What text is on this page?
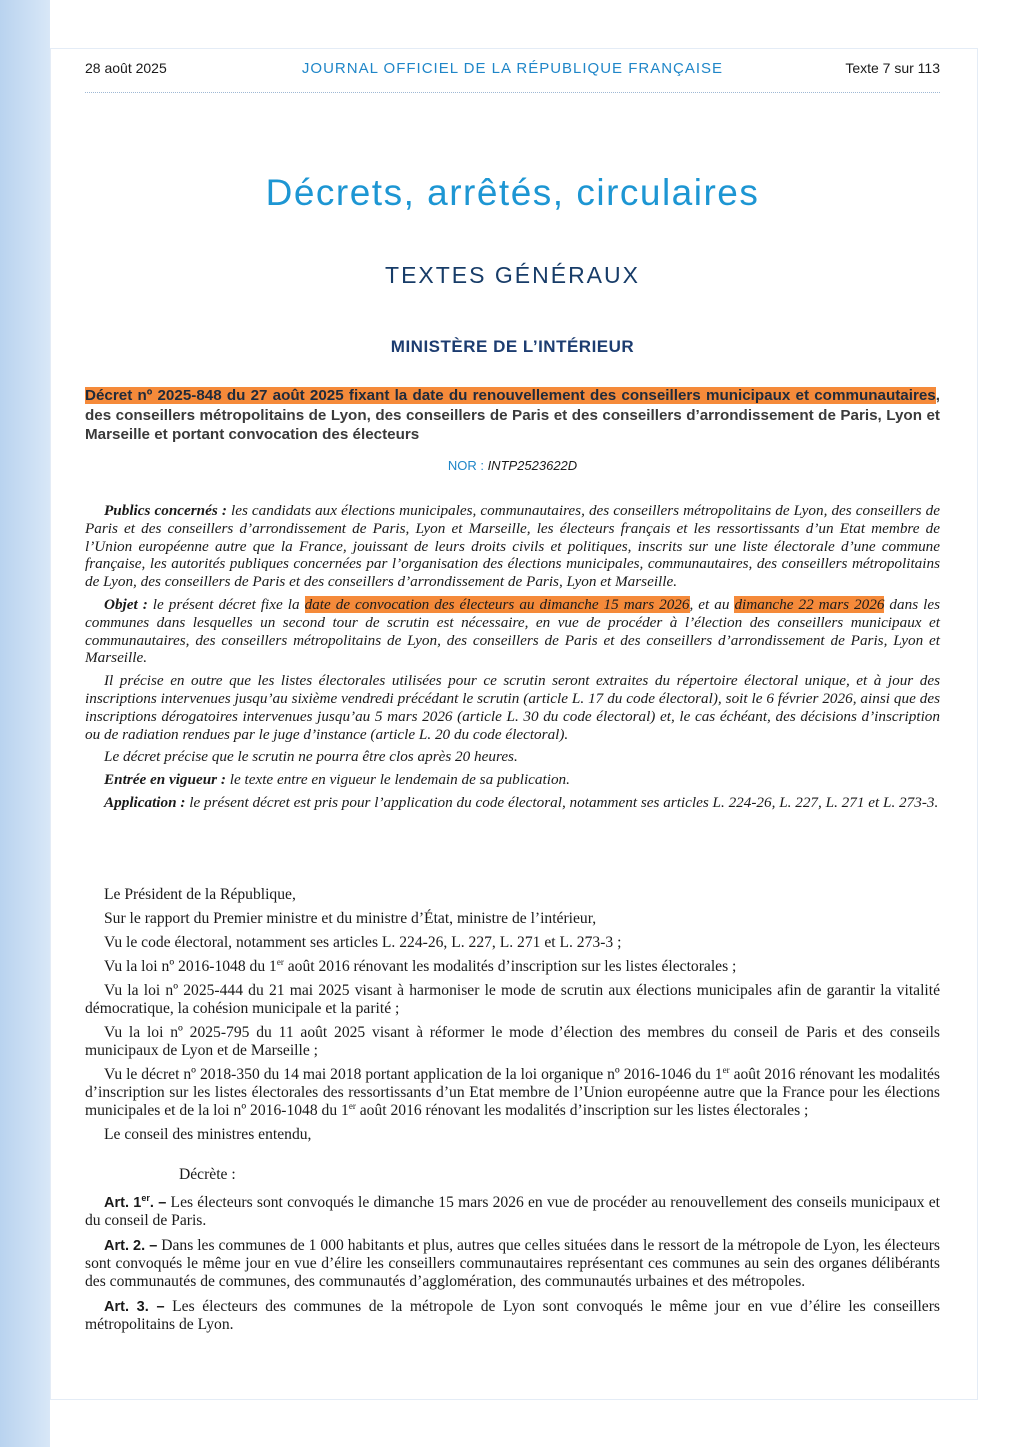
28 août 2025	JOURNAL OFFICIEL DE LA RÉPUBLIQUE FRANÇAISE	Texte 7 sur 113
Décrets, arrêtés, circulaires
TEXTES GÉNÉRAUX
MINISTÈRE DE L’INTÉRIEUR
Décret nº 2025-848 du 27 août 2025 fixant la date du renouvellement des conseillers municipaux et communautaires, des conseillers métropolitains de Lyon, des conseillers de Paris et des conseillers d’arrondissement de Paris, Lyon et Marseille et portant convocation des électeurs
NOR : INTP2523622D

Publics concernés : les candidats aux élections municipales, communautaires, des conseillers métropolitains de Lyon, des conseillers de Paris et des conseillers d’arrondissement de Paris, Lyon et Marseille, les électeurs français et les ressortissants d’un Etat membre de l’Union européenne autre que la France, jouissant de leurs droits civils et politiques, inscrits sur une liste électorale d’une commune française, les autorités publiques concernées par l’organisation des élections municipales, communautaires, des conseillers métropolitains de Lyon, des conseillers de Paris et des conseillers d’arrondissement de Paris, Lyon et Marseille.

Objet : le présent décret fixe la date de convocation des électeurs au dimanche 15 mars 2026, et au dimanche 22 mars 2026 dans les communes dans lesquelles un second tour de scrutin est nécessaire, en vue de procéder à l’élection des conseillers municipaux et communautaires, des conseillers métropolitains de Lyon, des conseillers de Paris et des conseillers d’arrondissement de Paris, Lyon et Marseille.

Il précise en outre que les listes électorales utilisées pour ce scrutin seront extraites du répertoire électoral unique, et à jour des inscriptions intervenues jusqu’au sixième vendredi précédant le scrutin (article L. 17 du code électoral), soit le 6 février 2026, ainsi que des inscriptions dérogatoires intervenues jusqu’au 5 mars 2026 (article L. 30 du code électoral) et, le cas échéant, des décisions d’inscription ou de radiation rendues par le juge d’instance (article L. 20 du code électoral).

Le décret précise que le scrutin ne pourra être clos après 20 heures.

Entrée en vigueur : le texte entre en vigueur le lendemain de sa publication.

Application : le présent décret est pris pour l’application du code électoral, notamment ses articles L. 224-26, L. 227, L. 271 et L. 273-3.

Le Président de la République,

Sur le rapport du Premier ministre et du ministre d’État, ministre de l’intérieur,

Vu le code électoral, notamment ses articles L. 224-26, L. 227, L. 271 et L. 273-3 ;

Vu la loi nº 2016-1048 du 1er août 2016 rénovant les modalités d’inscription sur les listes électorales ;

Vu la loi nº 2025-444 du 21 mai 2025 visant à harmoniser le mode de scrutin aux élections municipales afin de garantir la vitalité démocratique, la cohésion municipale et la parité ;

Vu la loi nº 2025-795 du 11 août 2025 visant à réformer le mode d’élection des membres du conseil de Paris et des conseils municipaux de Lyon et de Marseille ;

Vu le décret nº 2018-350 du 14 mai 2018 portant application de la loi organique nº 2016-1046 du 1er août 2016 rénovant les modalités d’inscription sur les listes électorales des ressortissants d’un Etat membre de l’Union européenne autre que la France pour les élections municipales et de la loi nº 2016-1048 du 1er août 2016 rénovant les modalités d’inscription sur les listes électorales ;

Le conseil des ministres entendu,

Décrète :

Art. 1er. – Les électeurs sont convoqués le dimanche 15 mars 2026 en vue de procéder au renouvellement des conseils municipaux et du conseil de Paris.

Art. 2. – Dans les communes de 1 000 habitants et plus, autres que celles situées dans le ressort de la métropole de Lyon, les électeurs sont convoqués le même jour en vue d’élire les conseillers communautaires représentant ces communes au sein des organes délibérants des communautés de communes, des communautés d’agglomération, des communautés urbaines et des métropoles.

Art. 3. – Les électeurs des communes de la métropole de Lyon sont convoqués le même jour en vue d’élire les conseillers métropolitains de Lyon.
